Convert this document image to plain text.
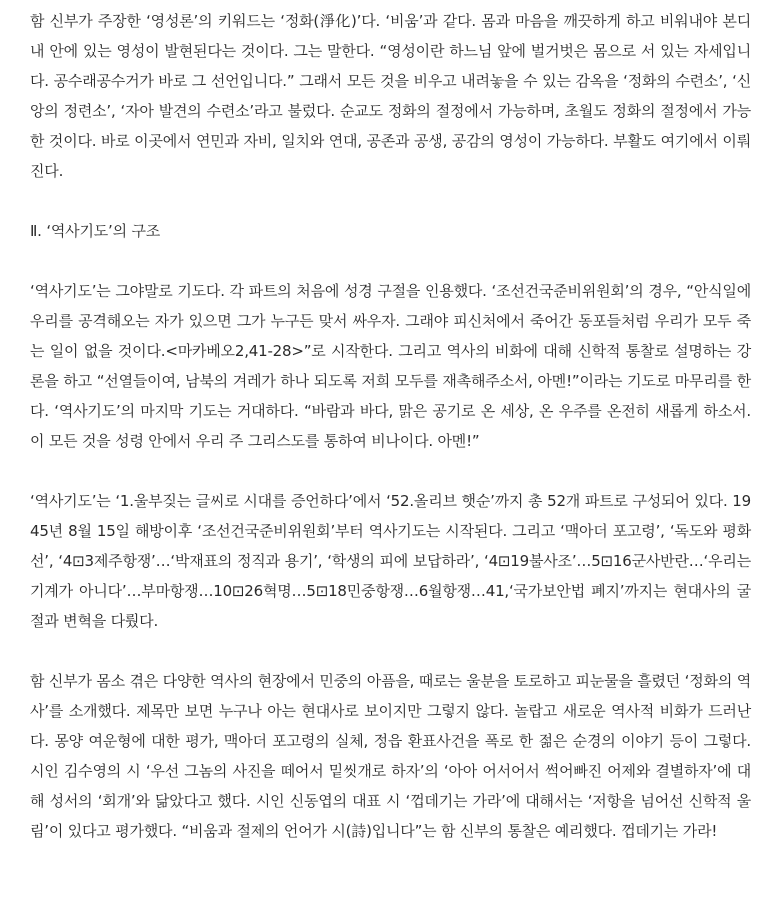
함 신부가 주장한 ‘영성론’의 키워드는 ‘정화(淨化)’다. ‘비움’과 같다. 몸과 마음을 깨끗하게 하고 비워내야 본디 내 안에 있는 영성이 발현된다는 것이다. 그는 말한다. “영성이란 하느님 앞에 벌거벗은 몸으로 서 있는 자세입니다. 공수래공수거가 바로 그 선언입니다.” 그래서 모든 것을 비우고 내려놓을 수 있는 감옥을 ‘정화의 수련소’, ‘신앙의 정련소’, ‘자아 발견의 수련소’라고 불렀다. 순교도 정화의 절정에서 가능하며, 초월도 정화의 절정에서 가능한 것이다. 바로 이곳에서 연민과 자비, 일치와 연대, 공존과 공생, 공감의 영성이 가능하다. 부활도 여기에서 이뤄진다.

Ⅱ. ‘역사기도’의 구조

‘역사기도’는 그야말로 기도다. 각 파트의 처음에 성경 구절을 인용했다. ‘조선건국준비위원회’의 경우, “안식일에 우리를 공격해오는 자가 있으면 그가 누구든 맞서 싸우자. 그래야 피신처에서 죽어간 동포들처럼 우리가 모두 죽는 일이 없을 것이다.<마카베오2,41-28>”로 시작한다. 그리고 역사의 비화에 대해 신학적 통찰로 설명하는 강론을 하고 “선열들이여, 남북의 겨레가 하나 되도록 저희 모두를 재촉해주소서, 아멘!”이라는 기도로 마무리를 한다. ‘역사기도’의 마지막 기도는 거대하다. “바람과 바다, 맑은 공기로 온 세상, 온 우주를 온전히 새롭게 하소서. 이 모든 것을 성령 안에서 우리 주 그리스도를 통하여 비나이다. 아멘!”

‘역사기도’는 ‘1.울부짖는 글씨로 시대를 증언하다’에서 ‘52.올리브 햇순’까지 총 52개 파트로 구성되어 있다. 1945년 8월 15일 해방이후 ‘조선건국준비위원회’부터 역사기도는 시작된다. 그리고 ‘맥아더 포고령’, ‘독도와 평화선’, ‘4⊡3제주항쟁’…‘박재표의 정직과 용기’, ‘학생의 피에 보답하라’, ‘4⊡19불사조’…5⊡16군사반란…‘우리는 기계가 아니다’…부마항쟁…10⊡26혁명…5⊡18민중항쟁…6월항쟁…41,‘국가보안법 폐지’까지는 현대사의 굴절과 변혁을 다뤘다.

함 신부가 몸소 겪은 다양한 역사의 현장에서 민중의 아픔을, 때로는 울분을 토로하고 피눈물을 흘렸던 ‘정화의 역사’를 소개했다. 제목만 보면 누구나 아는 현대사로 보이지만 그렇지 않다. 놀랍고 새로운 역사적 비화가 드러난다. 몽양 여운형에 대한 평가, 맥아더 포고령의 실체, 정읍 환표사건을 폭로 한 젊은 순경의 이야기 등이 그렇다. 시인 김수영의 시 ‘우선 그놈의 사진을 떼어서 밑씻개로 하자’의 ‘아아 어서어서 썩어빠진 어제와 결별하자’에 대해 성서의 ‘회개’와 닮았다고 했다. 시인 신동엽의 대표 시 ‘껍데기는 가라’에 대해서는 ‘저항을 넘어선 신학적 울림’이 있다고 평가했다. “비움과 절제의 언어가 시(詩)입니다”는 함 신부의 통찰은 예리했다. 껍데기는 가라!
